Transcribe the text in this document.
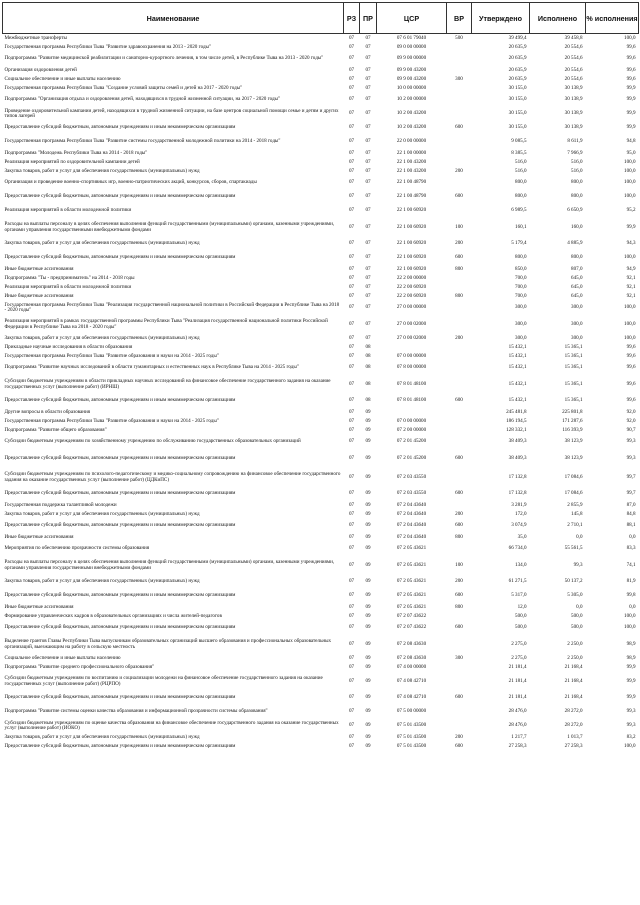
Наименование	РЗ	ПР	ЦСР	ВР	Утверждено	Исполнено	% исполнения
Межбюджетные трансферты	07	07	07 6 01 79040	500	39 499,4	39 458,8	100,0
Государственная программа Республики Тыва "Развитие здравоохранения на 2013 - 2020 годы"	07	07	09 0 00 00000		20 635,9	20 554,6	99,6
Подпрограмма "Развитие медицинской реабилитации и санаторно-курортного лечения, в том числе детей, в Республике Тыва на 2013 - 2020 годы"	07	07	09 9 00 00000		20 635,9	20 554,6	99,6
Организация оздоровления детей	07	07	09 9 00 43200		20 635,9	20 554,6	99,6
Социальное обеспечение и иные выплаты населению	07	07	09 9 00 43200	300	20 635,9	20 554,6	99,6
Государственная программа Республики Тыва "Создание условий защиты семей и детей на 2017 - 2020 годы"	07	07	10 0 00 00000		30 155,0	30 138,9	99,9
Подпрограмма "Организация отдыха и оздоровления детей, находящихся в трудной жизненной ситуации, на 2017 - 2020 годы"	07	07	10 2 00 00000		30 155,0	30 138,9	99,9
Проведение оздоровительной кампании детей, находящихся в трудной жизненной ситуации, на базе центров социальной помощи семье и детям и других типов лагерей	07	07	10 2 00 43200		30 155,0	30 138,9	99,9
Предоставление субсидий бюджетным, автономным учреждениям и иным некоммерческим организациям	07	07	10 2 00 43200	600	30 155,0	30 138,9	99,9
Государственная программа Республики Тыва "Развитие системы государственной молодежной политики на 2014 - 2018 годы"	07	07	22 0 00 00000		9 085,5	8 611,9	94,8
Подпрограмма "Молодежь Республики Тыва на 2014 - 2018 годы"	07	07	22 1 00 00000		8 385,5	7 966,9	95,0
Реализация мероприятий по оздоровительной кампании детей	07	07	22 1 00 43200		516,0	516,0	100,0
Закупка товаров, работ и услуг для обеспечения государственных (муниципальных) нужд	07	07	22 1 00 43200	200	516,0	516,0	100,0
Организация и проведение военно-спортивных игр, военно-патриотических акций, конкурсов, сборов, спартакиады	07	07	22 1 00 48790		800,0	800,0	100,0
Предоставление субсидий бюджетным, автономным учреждениям и иным некоммерческим организациям	07	07	22 1 00 48790	600	800,0	800,0	100,0
Реализация мероприятий в области молодежной политики	07	07	22 1 00 60920		6 989,5	6 650,9	95,2
Расходы на выплаты персоналу в целях обеспечения выполнения функций государственными (муниципальными) органами, казенными учреждениями, органами управления государственными внебюджетными фондами	07	07	22 1 00 60920	100	160,1	160,0	99,9
Закупка товаров, работ и услуг для обеспечения государственных (муниципальных) нужд	07	07	22 1 00 60920	200	5 179,4	4 885,9	94,3
Предоставление субсидий бюджетным, автономным учреждениям и иным некоммерческим организациям	07	07	22 1 00 60920	600	800,0	800,0	100,0
Иные бюджетные ассигнования	07	07	22 1 00 60920	800	850,0	807,0	94,9
Подпрограмма "Ты - предприниматель" на 2014 - 2018 годы	07	07	22 2 00 00000		700,0	645,0	92,1
Реализация мероприятий в области молодежной политики	07	07	22 2 00 60920		700,0	645,0	92,1
Иные бюджетные ассигнования	07	07	22 2 00 60920	800	700,0	645,0	92,1
Государственная программа Республики Тыва "Реализация государственной национальной политики в Российской Федерации в Республике Тыва на 2018 - 2020 годы"	07	07	27 0 00 00000		300,0	300,0	100,0
Реализация мероприятий в рамках государственной программы Республики Тыва "Реализация государственной национальной политики Российской Федерации в Республике Тыва на 2018 - 2020 годы"	07	07	27 0 00 02000		300,0	300,0	100,0
Закупка товаров, работ и услуг для обеспечения государственных (муниципальных) нужд	07	07	27 0 00 02000	200	300,0	300,0	100,0
Прикладные научные исследования в области образования	07	08			15 432,1	15 365,1	99,6
Государственная программа Республики Тыва "Развитие образования и науки на 2014 - 2025 годы"	07	08	07 0 00 00000		15 432,1	15 365,1	99,6
Подпрограмма "Развитие научных исследований в области гуманитарных и естественных наук в Республике Тыва на 2014 - 2025 годы"	07	08	07 8 00 00000		15 432,1	15 365,1	99,6
Субсидии бюджетным учреждениям в области прикладных научных исследований на финансовое обеспечение государственного задания на оказание государственных услуг (выполнение работ) (ИРНШ)	07	08	07 8 01 48100		15 432,1	15 365,1	99,6
Предоставление субсидий бюджетным, автономным учреждениям и иным некоммерческим организациям	07	08	07 8 01 48100	600	15 432,1	15 365,1	99,6
Другие вопросы в области образования	07	09			245 481,8	225 801,8	92,0
Государственная программа Республики Тыва "Развитие образования и науки на 2014 - 2025 годы"	07	09	07 0 00 00000		186 194,5	171 287,6	92,0
Подпрограмма "Развитие общего образования"	07	09	07 2 00 00000		128 332,1	116 393,9	90,7
Субсидии бюджетным учреждениям по хозяйственному учреждению по обслуживанию государственных образовательных организаций	07	09	07 2 01 45200		38 409,3	38 123,9	99,3
Предоставление субсидий бюджетным, автономным учреждениям и иным некоммерческим организациям	07	09	07 2 01 45200	600	38 409,3	38 123,9	99,3
Субсидии бюджетным учреждениям по психолого-педагогическому и медико-социальному сопровождению на финансовое обеспечение государственного задания на оказание государственных услуг (выполнение работ) (ЦДКиПС)	07	09	07 2 03 43550		17 132,8	17 084,6	99,7
Предоставление субсидий бюджетным, автономным учреждениям и иным некоммерческим организациям	07	09	07 2 03 43550	600	17 132,8	17 084,6	99,7
Государственная поддержка талантливой молодежи	07	09	07 2 04 43640		3 281,9	2 855,9	87,0
Закупка товаров, работ и услуг для обеспечения государственных (муниципальных) нужд	07	09	07 2 04 43640	200	172,0	145,8	84,8
Предоставление субсидий бюджетным, автономным учреждениям и иным некоммерческим организациям	07	09	07 2 04 43640	600	3 074,9	2 710,1	88,1
Иные бюджетные ассигнования	07	09	07 2 04 43640	800	35,0	0,0	0,0
Мероприятия по обеспечению прозрачности системы образования	07	09	07 2 05 43621		66 734,0	55 561,5	83,3
Расходы на выплаты персоналу в целях обеспечения выполнения функций государственными (муниципальными) органами, казенными учреждениями, органами управления государственными внебюджетными фондами	07	09	07 2 05 43621	100	134,0	99,3	74,1
Закупка товаров, работ и услуг для обеспечения государственных (муниципальных) нужд	07	09	07 2 05 43621	200	61 271,5	50 137,2	81,9
Предоставление субсидий бюджетным, автономным учреждениям и иным некоммерческим организациям	07	09	07 2 05 43621	600	5 317,0	5 305,0	99,8
Иные бюджетные ассигнования	07	09	07 2 05 43621	800	12,0	0,0	0,0
Формирование управленческих кадров в образовательных организациях и числа жителей-педагогов	07	09	07 2 07 43622		500,0	500,0	100,0
Предоставление субсидий бюджетным, автономным учреждениям и иным некоммерческим организациям	07	09	07 2 07 43622	600	500,0	500,0	100,0
Выделение грантов Главы Республики Тыва выпускникам образовательных организаций высшего образования и профессиональных образовательных организаций, выезжающим на работу в сельскую местность	07	09	07 2 08 43630		2 275,0	2 250,0	98,9
Социальное обеспечение и иные выплаты населению	07	09	07 2 08 43630	300	2 275,0	2 250,0	98,9
Подпрограмма "Развитие среднего профессионального образования"	07	09	07 4 00 00000		21 181,4	21 168,4	99,9
Субсидии бюджетным учреждениям по воспитанию и социализации молодежи на финансовое обеспечение государственного задания на оказание государственных услуг (выполнение работ) (РЦРПО)	07	09	07 4 08 42710		21 181,4	21 168,4	99,9
Предоставление субсидий бюджетным, автономным учреждениям и иным некоммерческим организациям	07	09	07 4 08 42710	600	21 181,4	21 168,4	99,9
Подпрограмма "Развитие системы оценки качества образования и информационной прозрачности системы образования"	07	09	07 5 00 00000		28 476,0	28 272,0	99,3
Субсидии бюджетным учреждениям по оценке качества образования на финансовое обеспечение государственного задания на оказание государственных услуг (выполнение работ) (ИОКО)	07	09	07 5 01 43500		28 476,0	28 272,0	99,3
Закупка товаров, работ и услуг для обеспечения государственных (муниципальных) нужд	07	09	07 5 01 43500	200	1 217,7	1 013,7	83,2
Предоставление субсидий бюджетным, автономным учреждениям и иным некоммерческим организациям	07	09	07 5 01 43500	600	27 258,3	27 258,3	100,0
